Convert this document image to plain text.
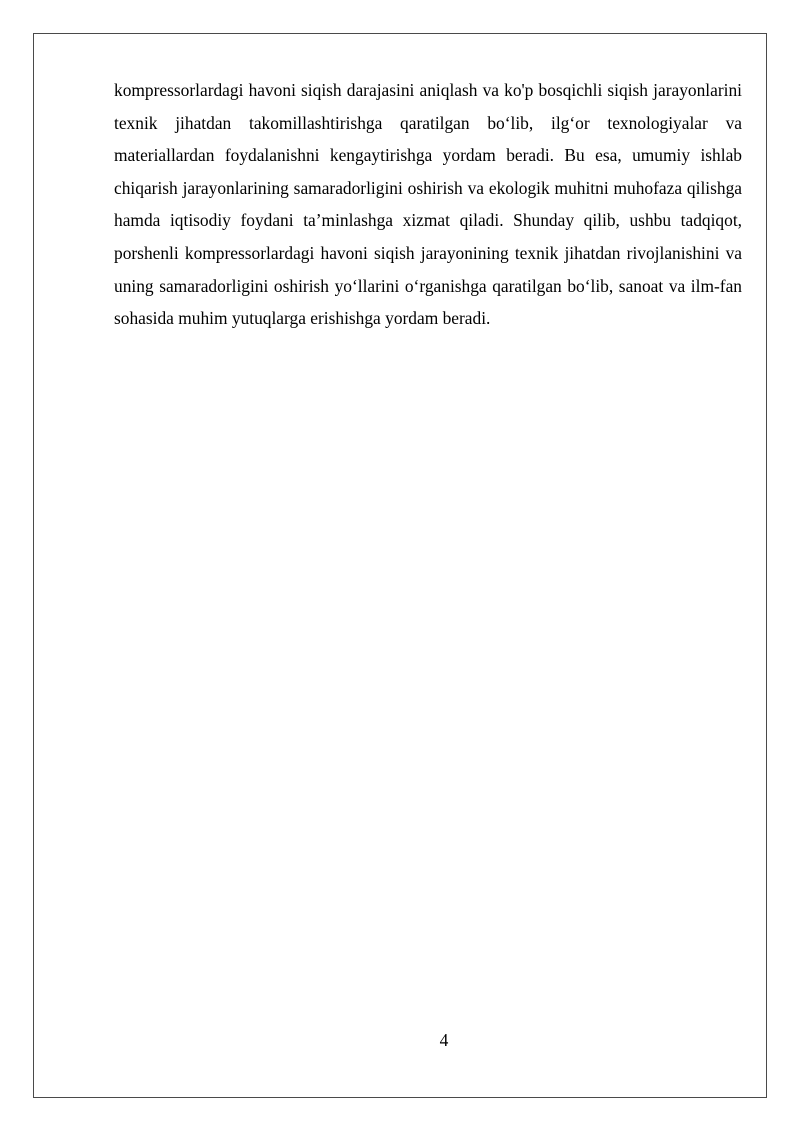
kompressorlardagi havoni siqish darajasini aniqlash va ko'p bosqichli siqish jarayonlarini texnik jihatdan takomillashtirishga qaratilgan bo‘lib, ilg‘or texnologiyalar va materiallardan foydalanishni kengaytirishga yordam beradi. Bu esa, umumiy ishlab chiqarish jarayonlarining samaradorligini oshirish va ekologik muhitni muhofaza qilishga hamda iqtisodiy foydani ta’minlashga xizmat qiladi. Shunday qilib, ushbu tadqiqot, porshenli kompressorlardagi havoni siqish jarayonining texnik jihatdan rivojlanishini va uning samaradorligini oshirish yo‘llarini o‘rganishga qaratilgan bo‘lib, sanoat va ilm-fan sohasida muhim yutuqlarga erishishga yordam beradi.

4
